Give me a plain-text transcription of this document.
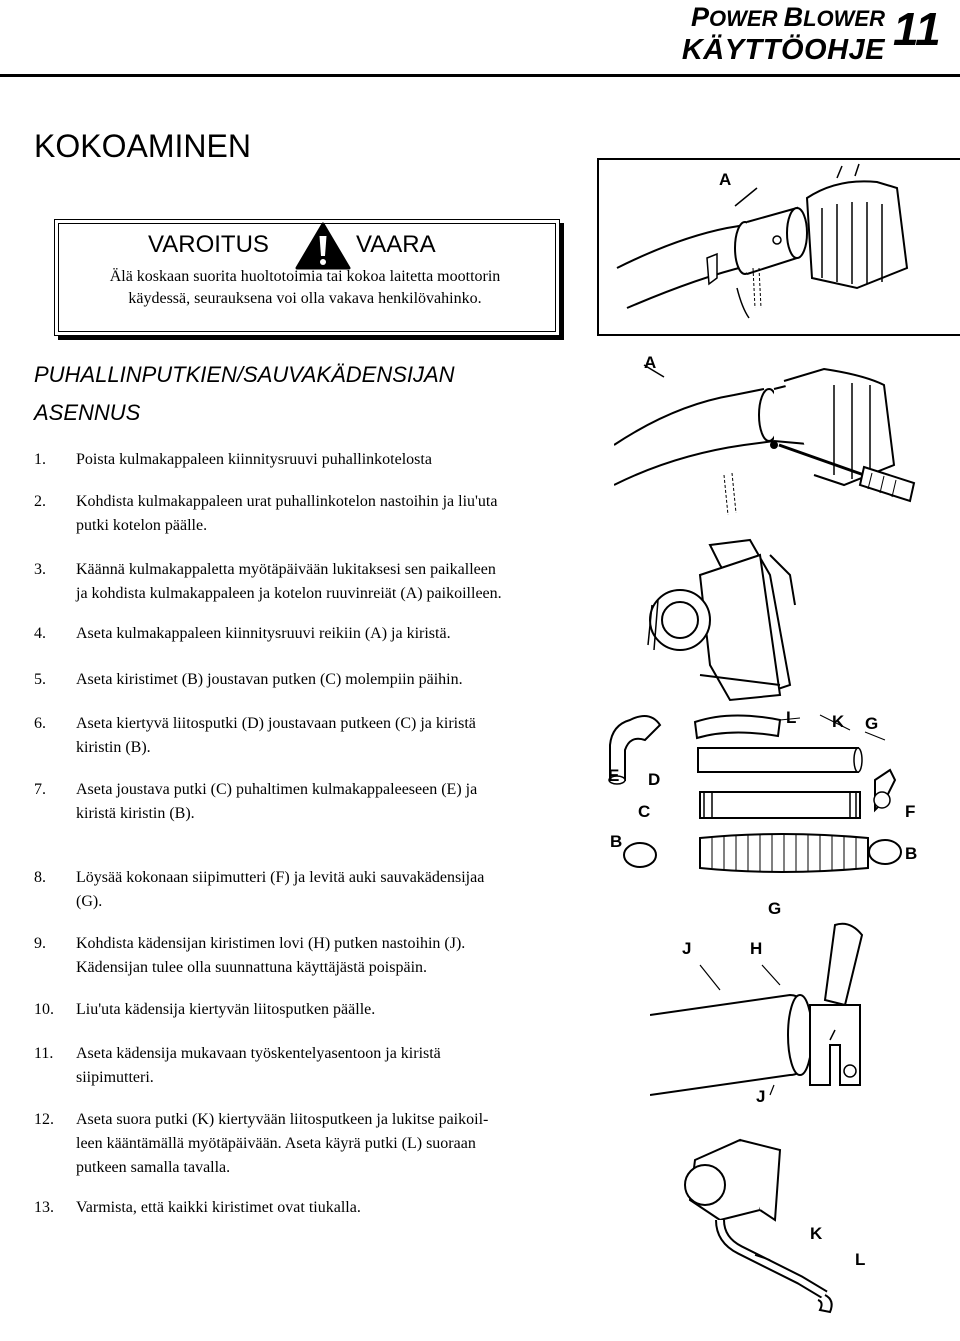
POWER BLOWER
KÄYTTÖOHJE 11
KOKOAMINEN
VAROITUS	VAARA
Älä koskaan suorita huoltotoimia tai kokoa laitetta moottorin
käydessä, seurauksena voi olla vakava henkilövahinko.
PUHALLINPUTKIEN/SAUVAKÄDENSIJAN
ASENNUS
1. Poista kulmakappaleen kiinnitysruuvi puhallinkotelosta
2. Kohdista kulmakappaleen urat puhallinkotelon nastoihin ja liu'uta
putki kotelon päälle.
3. Käännä kulmakappaletta myötäpäivään lukitaksesi sen paikalleen
ja kohdista kulmakappaleen ja kotelon ruuvinreiät (A) paikoilleen.
4. Aseta kulmakappaleen kiinnitysruuvi reikiin (A) ja kiristä.
5. Aseta kiristimet (B) joustavan putken (C) molempiin päihin.
6. Aseta kiertyvä liitosputki (D) joustavaan putkeen (C) ja kiristä
kiristin (B).
7. Aseta joustava putki (C) puhaltimen kulmakappaleeseen (E) ja
kiristä kiristin (B).
8. Löysää kokonaan siipimutteri (F) ja levitä auki sauvakädensijaa
(G).
9. Kohdista kädensijan kiristimen lovi (H) putken nastoihin (J).
Kädensijan tulee olla suunnattuna käyttäjästä poispäin.
10. Liu'uta kädensija kiertyvän liitosputken päälle.
11. Aseta kädensija mukavaan työskentelyasentoon ja kiristä
siipimutteri.
12. Aseta suora putki (K) kiertyvään liitosputkeen ja lukitse paikoil-
leen kääntämällä myötäpäivään. Aseta käyrä putki (L) suoraan
putkeen samalla tavalla.
13. Varmista, että kaikki kiristimet ovat tiukalla.
A
A
L K G
E D
C	F
B
B
G
J	H
J
K
L
